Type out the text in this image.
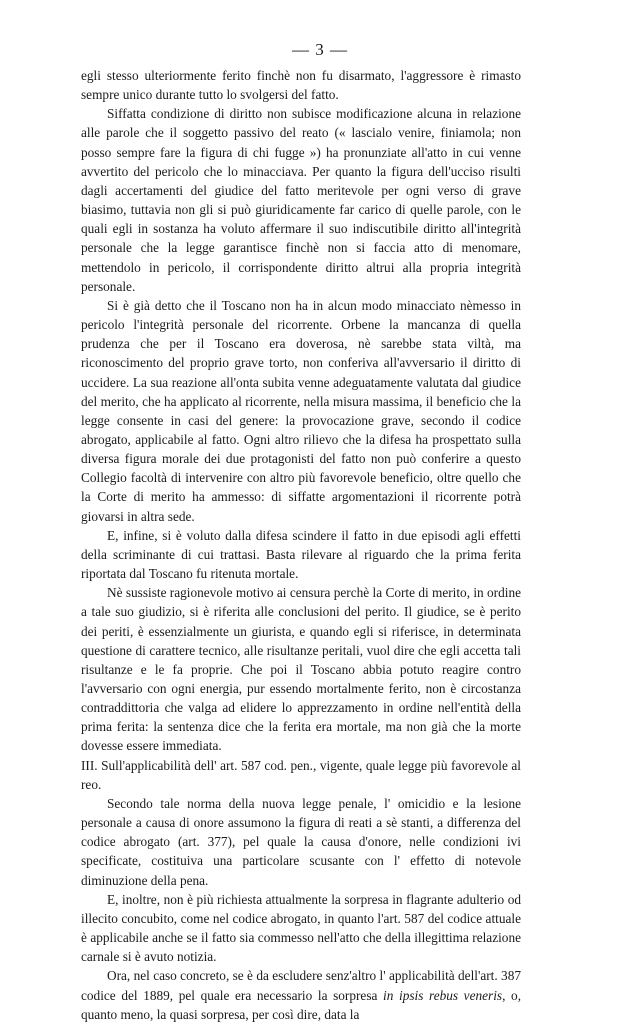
— 3 —

egli stesso ulteriormente ferito finchè non fu disarmato, l'aggressore è rimasto sempre unico durante tutto lo svolgersi del fatto.

Siffatta condizione di diritto non subisce modificazione alcuna in relazione alle parole che il soggetto passivo del reato (« lascialo venire, finiamola; non posso sempre fare la figura di chi fugge ») ha pronunziate all'atto in cui venne avvertito del pericolo che lo minacciava. Per quanto la figura dell'ucciso risulti dagli accertamenti del giudice del fatto meritevole per ogni verso di grave biasimo, tuttavia non gli si può giuridicamente far carico di quelle parole, con le quali egli in sostanza ha voluto affermare il suo indiscutibile diritto all'integrità personale che la legge garantisce finchè non si faccia atto di menomare, mettendolo in pericolo, il corrispondente diritto altrui alla propria integrità personale.

Si è già detto che il Toscano non ha in alcun modo minacciato nèmesso in pericolo l'integrità personale del ricorrente. Orbene la mancanza di quella prudenza che per il Toscano era doverosa, nè sarebbe stata viltà, ma riconoscimento del proprio grave torto, non conferiva all'avversario il diritto di uccidere. La sua reazione all'onta subita venne adeguatamente valutata dal giudice del merito, che ha applicato al ricorrente, nella misura massima, il beneficio che la legge consente in casi del genere: la provocazione grave, secondo il codice abrogato, applicabile al fatto. Ogni altro rilievo che la difesa ha prospettato sulla diversa figura morale dei due protagonisti del fatto non può conferire a questo Collegio facoltà di intervenire con altro più favorevole beneficio, oltre quello che la Corte di merito ha ammesso: di siffatte argomentazioni il ricorrente potrà giovarsi in altra sede.

E, infine, si è voluto dalla difesa scindere il fatto in due episodi agli effetti della scriminante di cui trattasi. Basta rilevare al riguardo che la prima ferita riportata dal Toscano fu ritenuta mortale.

Nè sussiste ragionevole motivo ai censura perchè la Corte di merito, in ordine a tale suo giudizio, si è riferita alle conclusioni del perito. Il giudice, se è perito dei periti, è essenzialmente un giurista, e quando egli si riferisce, in determinata questione di carattere tecnico, alle risultanze peritali, vuol dire che egli accetta tali risultanze e le fa proprie. Che poi il Toscano abbia potuto reagire contro l'avversario con ogni energia, pur essendo mortalmente ferito, non è circostanza contraddittoria che valga ad elidere lo apprezzamento in ordine nell'entità della prima ferita: la sentenza dice che la ferita era mortale, ma non già che la morte dovesse essere immediata.

III. Sull'applicabilità dell' art. 587 cod. pen., vigente, quale legge più favorevole al reo.

Secondo tale norma della nuova legge penale, l' omicidio e la lesione personale a causa di onore assumono la figura di reati a sè stanti, a differenza del codice abrogato (art. 377), pel quale la causa d'onore, nelle condizioni ivi specificate, costituiva una particolare scusante con l' effetto di notevole diminuzione della pena.

E, inoltre, non è più richiesta attualmente la sorpresa in flagrante adulterio od illecito concubito, come nel codice abrogato, in quanto l'art. 587 del codice attuale è applicabile anche se il fatto sia commesso nell'atto che della illegittima relazione carnale si è avuto notizia.

Ora, nel caso concreto, se è da escludere senz'altro l' applicabilità dell'art. 387 codice del 1889, pel quale era necessario la sorpresa in ipsis rebus veneris, o, quanto meno, la quasi sorpresa, per così dire, data la
